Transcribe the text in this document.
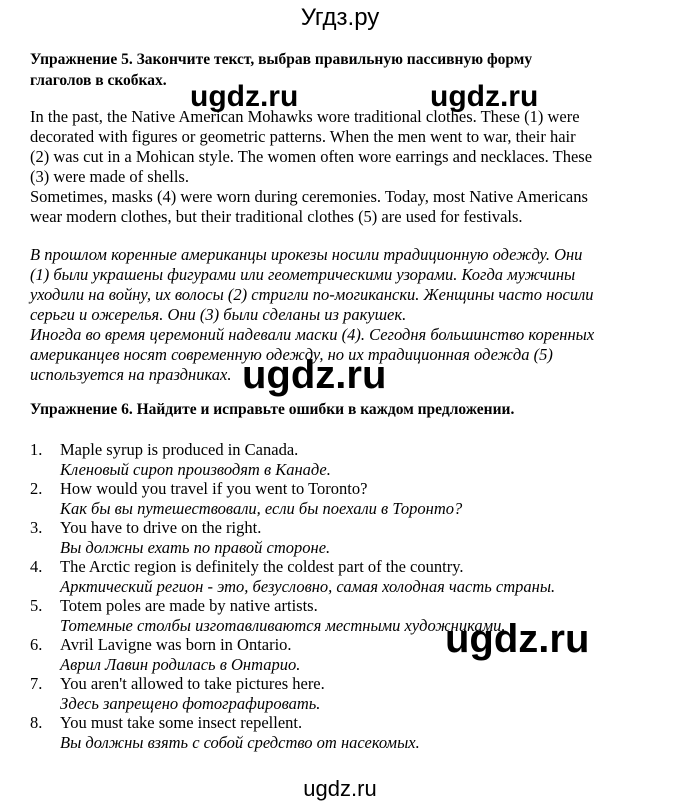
Угдз.ру
Упражнение 5. Закончите текст, выбрав правильную пассивную форму
глаголов в скобках.
In the past, the Native American Mohawks wore traditional clothes. These (1) were
decorated with figures or geometric patterns. When the men went to war, their hair
(2) was cut in a Mohican style. The women often wore earrings and necklaces. These
(3) were made of shells.
Sometimes, masks (4) were worn during ceremonies. Today, most Native Americans
wear modern clothes, but their traditional clothes (5) are used for festivals.
В прошлом коренные американцы ирокезы носили традиционную одежду. Они
(1) были украшены фигурами или геометрическими узорами. Когда мужчины
уходили на войну, их волосы (2) стригли по-могикански. Женщины часто носили
серьги и ожерелья. Они (3) были сделаны из ракушек.
Иногда во время церемоний надевали маски (4). Сегодня большинство коренных
американцев носят современную одежду, но их традиционная одежда (5)
используется на праздниках.
Упражнение 6. Найдите и исправьте ошибки в каждом предложении.
1. Maple syrup is produced in Canada.
Кленовый сироп производят в Канаде.
2. How would you travel if you went to Toronto?
Как бы вы путешествовали, если бы поехали в Торонто?
3. You have to drive on the right.
Вы должны ехать по правой стороне.
4. The Arctic region is definitely the coldest part of the country.
Арктический регион - это, безусловно, самая холодная часть страны.
5. Totem poles are made by native artists.
Тотемные столбы изготавливаются местными художниками.
6. Avril Lavigne was born in Ontario.
Аврил Лавин родилась в Онтарио.
7. You aren't allowed to take pictures here.
Здесь запрещено фотографировать.
8. You must take some insect repellent.
Вы должны взять с собой средство от насекомых.
ugdz.ru	ugdz.ru
ugdz.ru
ugdz.ru
ugdz.ru
